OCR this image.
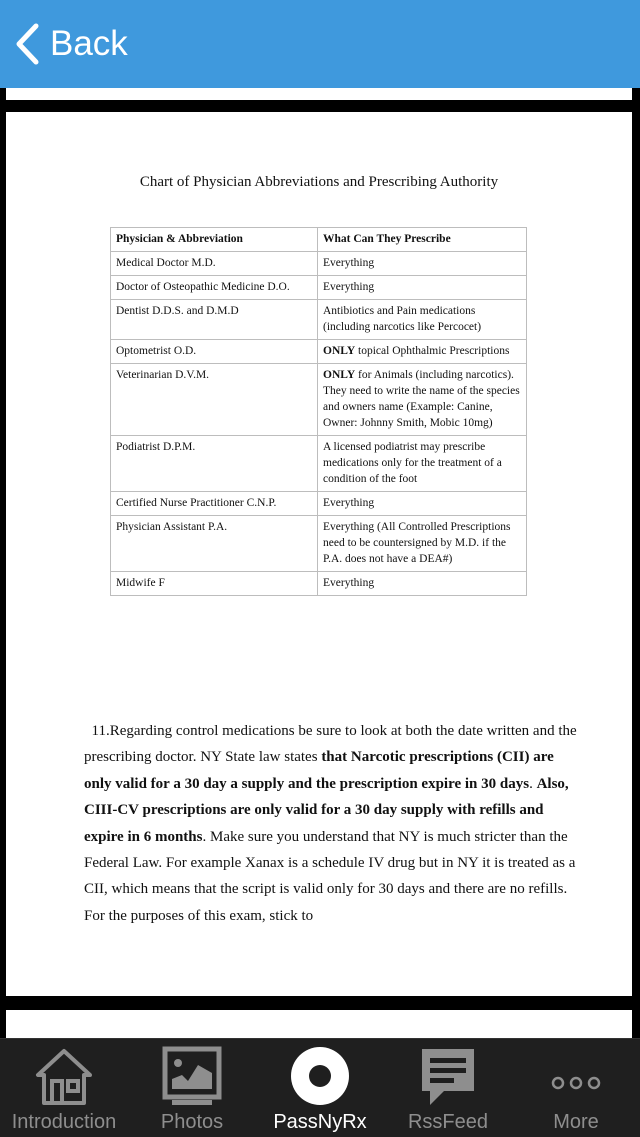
Back
Chart of Physician Abbreviations and Prescribing Authority
Physician & Abbreviation	What Can They Prescribe
Medical Doctor M.D.	Everything
Doctor of Osteopathic Medicine D.O.	Everything
Dentist D.D.S. and D.M.D	Antibiotics and Pain medications (including narcotics like Percocet)
Optometrist O.D.	ONLY topical Ophthalmic Prescriptions
Veterinarian D.V.M.	ONLY for Animals (including narcotics). They need to write the name of the species and owners name (Example: Canine, Owner: Johnny Smith, Mobic 10mg)
Podiatrist D.P.M.	A licensed podiatrist may prescribe medications only for the treatment of a condition of the foot
Certified Nurse Practitioner C.N.P.	Everything
Physician Assistant P.A.	Everything (All Controlled Prescriptions need to be countersigned by M.D. if the P.A. does not have a DEA#)
Midwife F	Everything
11.Regarding control medications be sure to look at both the date written and the prescribing doctor. NY State law states that Narcotic prescriptions (CII) are only valid for a 30 day a supply and the prescription expire in 30 days. Also, CIII-CV prescriptions are only valid for a 30 day supply with refills and expire in 6 months. Make sure you understand that NY is much stricter than the Federal Law. For example Xanax is a schedule IV drug but in NY it is treated as a CII, which means that the script is valid only for 30 days and there are no refills. For the purposes of this exam, stick to
Introduction	Photos	PassNyRx	RssFeed	More
